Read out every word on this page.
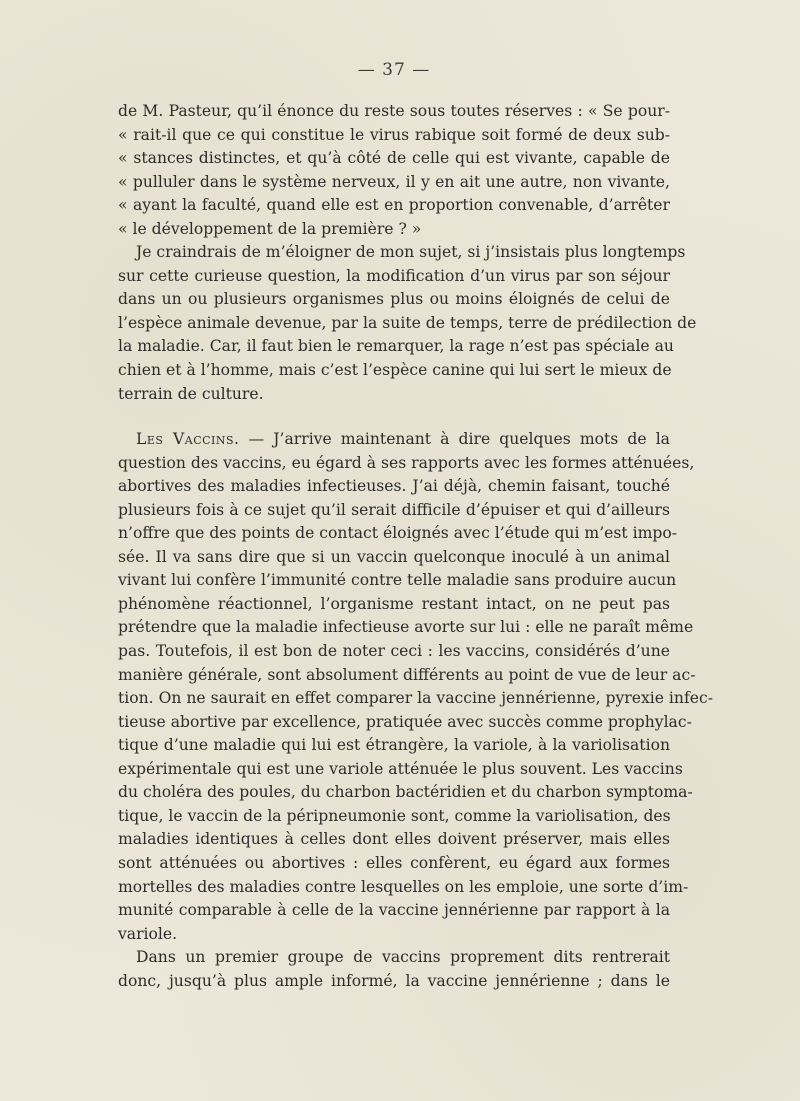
— 37 —
de M. Pasteur, qu’il énonce du reste sous toutes réserves : « Se pour-
« rait-il que ce qui constitue le virus rabique soit formé de deux sub-
« stances distinctes, et qu’à côté de celle qui est vivante, capable de
« pulluler dans le système nerveux, il y en ait une autre, non vivante,
« ayant la faculté, quand elle est en proportion convenable, d’arrêter
« le développement de la première ? »
Je craindrais de m’éloigner de mon sujet, si j’insistais plus longtemps
sur cette curieuse question, la modification d’un virus par son séjour
dans un ou plusieurs organismes plus ou moins éloignés de celui de
l’espèce animale devenue, par la suite de temps, terre de prédilection de
la maladie. Car, il faut bien le remarquer, la rage n’est pas spéciale au
chien et à l’homme, mais c’est l’espèce canine qui lui sert le mieux de
terrain de culture.
Les Vaccins. — J’arrive maintenant à dire quelques mots de la
question des vaccins, eu égard à ses rapports avec les formes atténuées,
abortives des maladies infectieuses. J’ai déjà, chemin faisant, touché
plusieurs fois à ce sujet qu’il serait difficile d’épuiser et qui d’ailleurs
n’offre que des points de contact éloignés avec l’étude qui m’est impo-
sée. Il va sans dire que si un vaccin quelconque inoculé à un animal
vivant lui confère l’immunité contre telle maladie sans produire aucun
phénomène réactionnel, l’organisme restant intact, on ne peut pas
prétendre que la maladie infectieuse avorte sur lui : elle ne paraît même
pas. Toutefois, il est bon de noter ceci : les vaccins, considérés d’une
manière générale, sont absolument différents au point de vue de leur ac-
tion. On ne saurait en effet comparer la vaccine jennérienne, pyrexie infec-
tieuse abortive par excellence, pratiquée avec succès comme prophylac-
tique d’une maladie qui lui est étrangère, la variole, à la variolisation
expérimentale qui est une variole atténuée le plus souvent. Les vaccins
du choléra des poules, du charbon bactéridien et du charbon symptoma-
tique, le vaccin de la péripneumonie sont, comme la variolisation, des
maladies identiques à celles dont elles doivent préserver, mais elles
sont atténuées ou abortives : elles confèrent, eu égard aux formes
mortelles des maladies contre lesquelles on les emploie, une sorte d’im-
munité comparable à celle de la vaccine jennérienne par rapport à la
variole.
Dans un premier groupe de vaccins proprement dits rentrerait
donc, jusqu’à plus ample informé, la vaccine jennérienne ; dans le
